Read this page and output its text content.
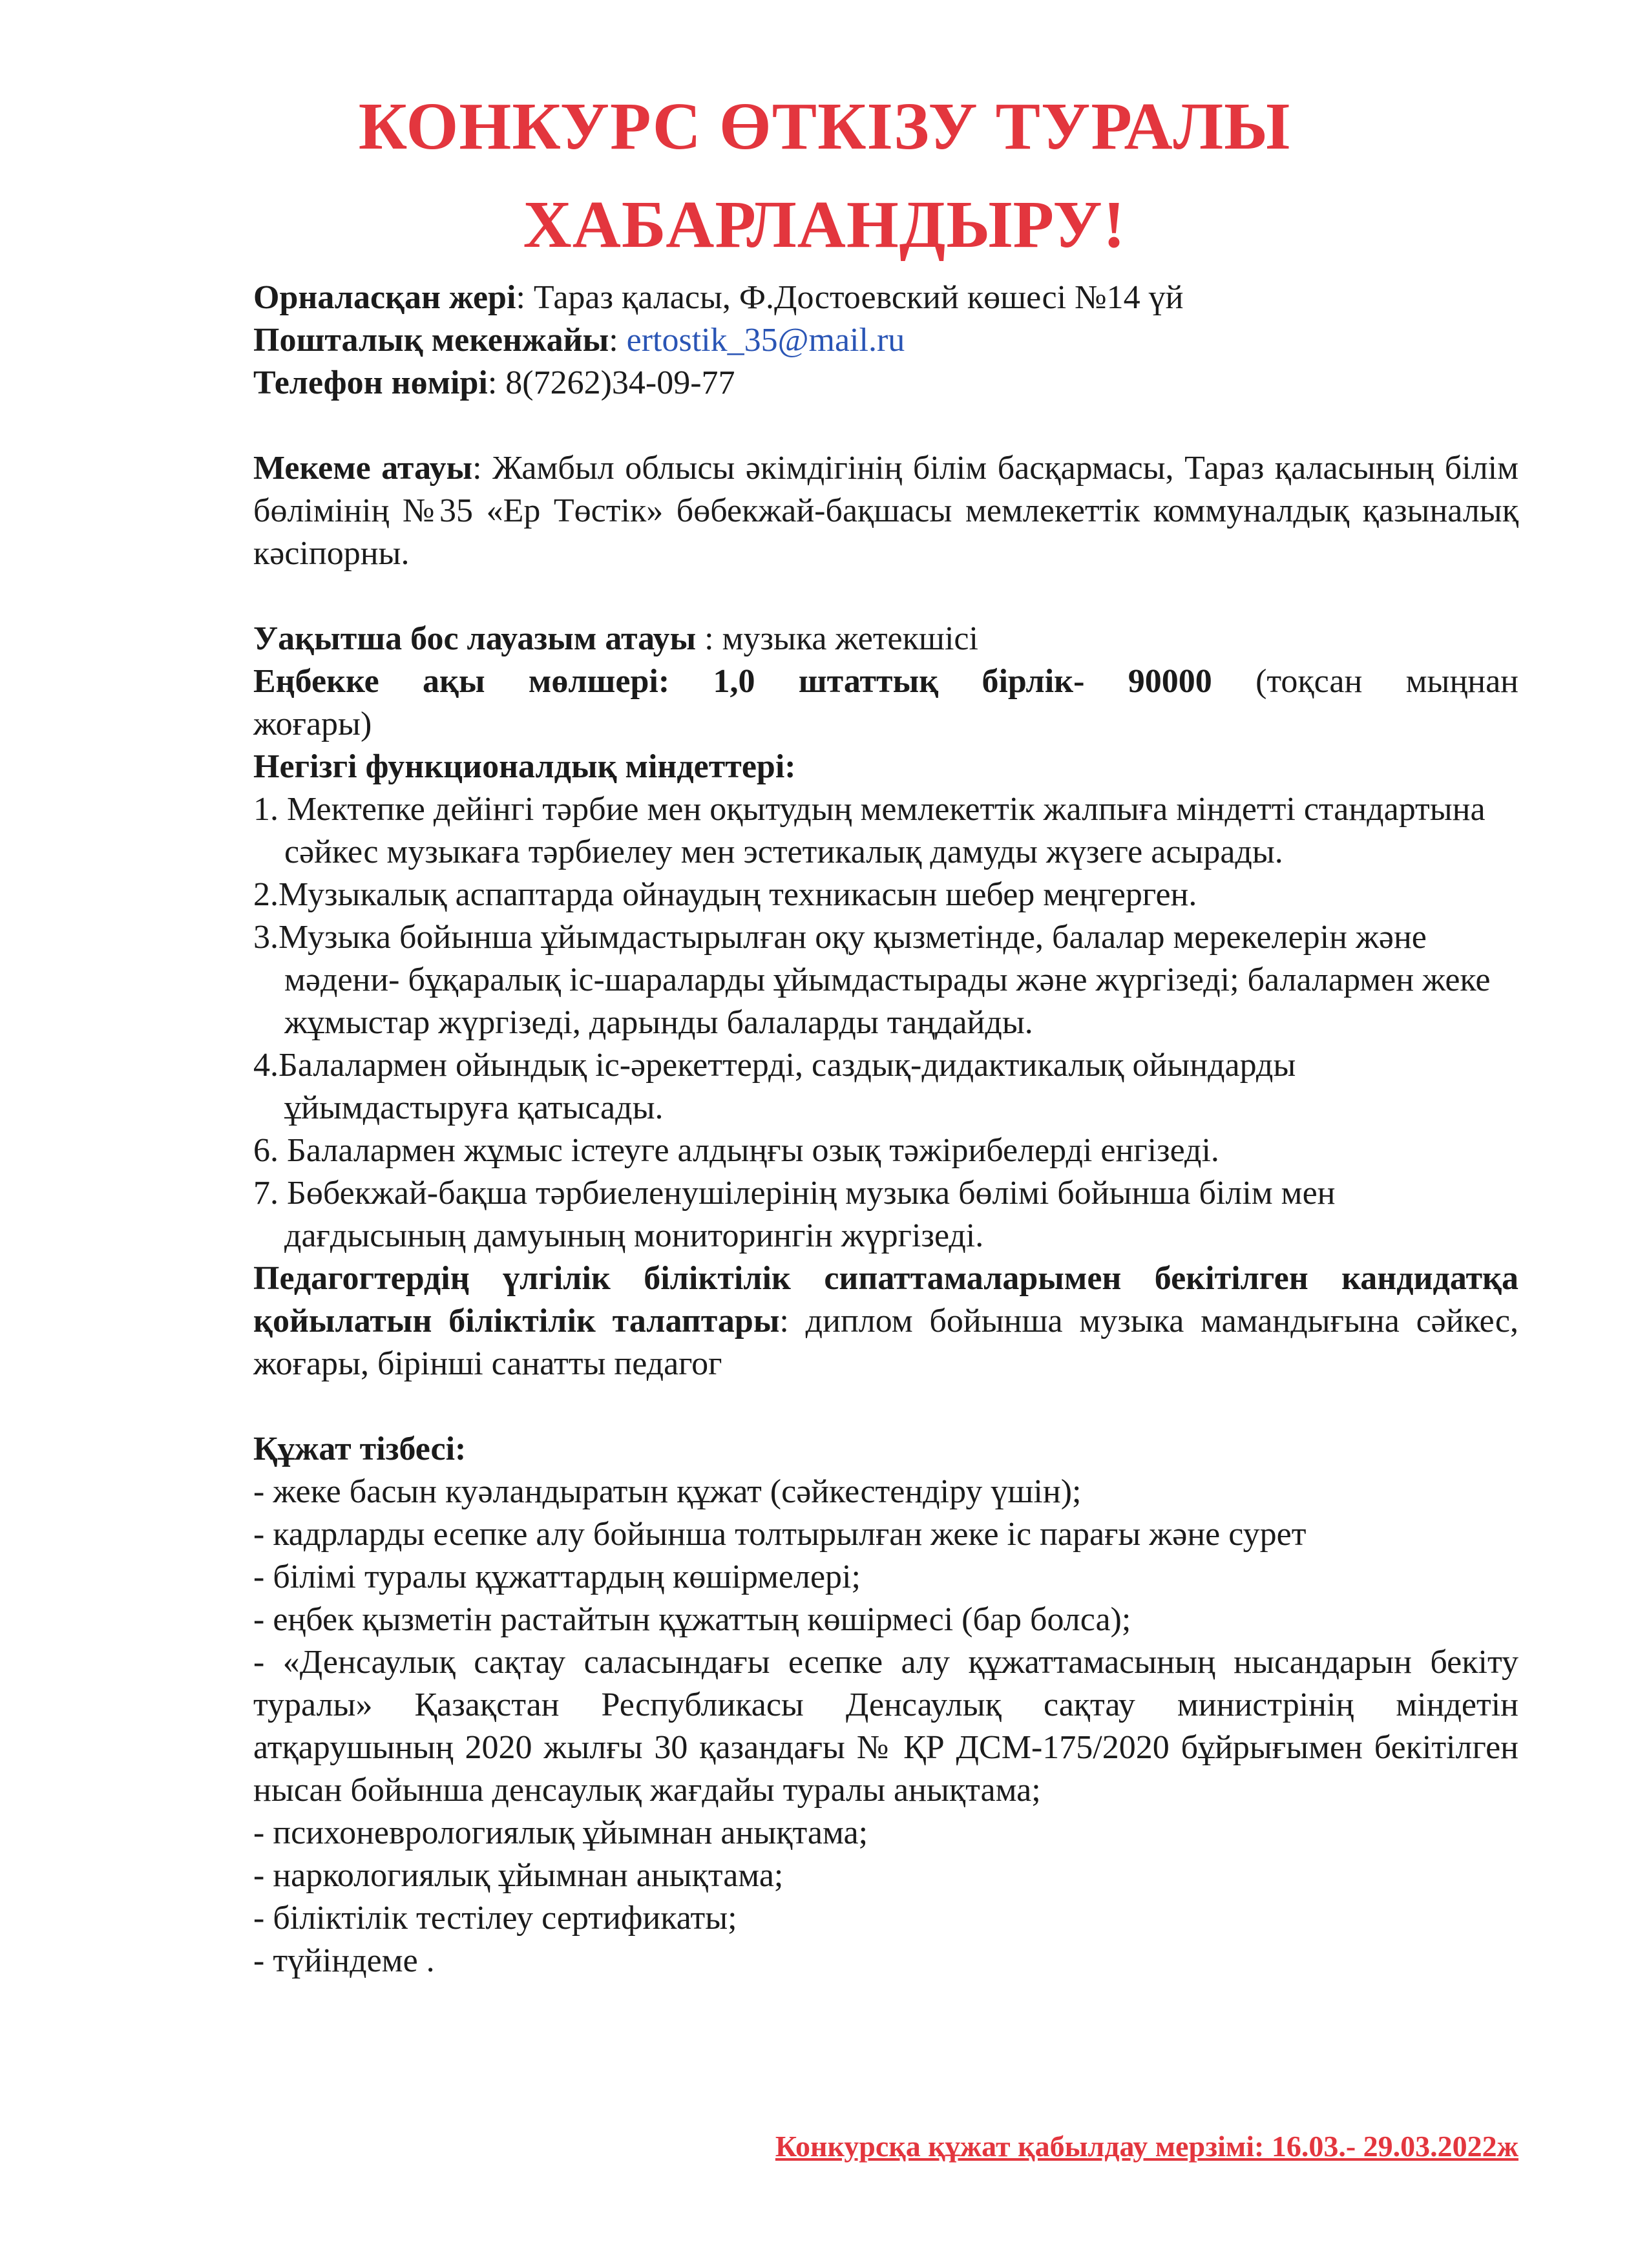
КОНКУРС ӨТКІЗУ ТУРАЛЫ
ХАБАРЛАНДЫРУ!
Орналасқан жері: Тараз қаласы, Ф.Достоевский көшесі №14 үй
Пошталық мекенжайы: ertostik_35@mail.ru
Телефон нөмірі: 8(7262)34-09-77
Мекеме атауы: Жамбыл облысы әкімдігінің білім басқармасы, Тараз қаласының білім бөлімінің №35 «Ер Төстік» бөбекжай-бақшасы мемлекеттік коммуналдық қазыналық кәсіпорны.
Уақытша бос лауазым атауы : музыка жетекшісі
Еңбекке ақы мөлшері: 1,0 штаттық бірлік- 90000 (тоқсан мыңнан
жоғары)
Негізгі функционалдық міндеттері:
1. Мектепке дейінгі тәрбие мен оқытудың мемлекеттік жалпыға міндетті стандартына сәйкес музыкаға тәрбиелеу мен эстетикалық дамуды жүзеге асырады.
2.Музыкалық аспаптарда ойнаудың техникасын шебер меңгерген.
3.Музыка бойынша ұйымдастырылған оқу қызметінде, балалар мерекелерін және мәдени- бұқаралық іс-шараларды ұйымдастырады және жүргізеді; балалармен жеке жұмыстар жүргізеді, дарынды балаларды таңдайды.
4.Балалармен ойындық іс-әрекеттерді, саздық-дидактикалық ойындарды ұйымдастыруға қатысады.
6. Балалармен жұмыс істеуге алдыңғы озық тәжірибелерді енгізеді.
7. Бөбекжай-бақша тәрбиеленушілерінің музыка бөлімі бойынша білім мен дағдысының дамуының мониторингін жүргізеді.
Педагогтердің үлгілік біліктілік сипаттамаларымен бекітілген кандидатқа қойылатын біліктілік талаптары: диплом бойынша музыка мамандығына сәйкес, жоғары, бірінші санатты педагог
Құжат тізбесі:
- жеке басын куәландыратын құжат (сәйкестендіру үшін);
- кадрларды есепке алу бойынша толтырылған жеке іс парағы және сурет
- білімі туралы құжаттардың көшірмелері;
- еңбек қызметін растайтын құжаттың көшірмесі (бар болса);
- «Денсаулық сақтау саласындағы есепке алу құжаттамасының нысандарын бекіту туралы» Қазақстан Республикасы Денсаулық сақтау министрінің міндетін атқарушының 2020 жылғы 30 қазандағы № ҚР ДСМ-175/2020 бұйрығымен бекітілген нысан бойынша денсаулық жағдайы туралы анықтама;
- психоневрологиялық ұйымнан анықтама;
- наркологиялық ұйымнан анықтама;
- біліктілік тестілеу сертификаты;
- түйіндеме .
Конкурсқа құжат қабылдау мерзімі: 16.03.- 29.03.2022ж
